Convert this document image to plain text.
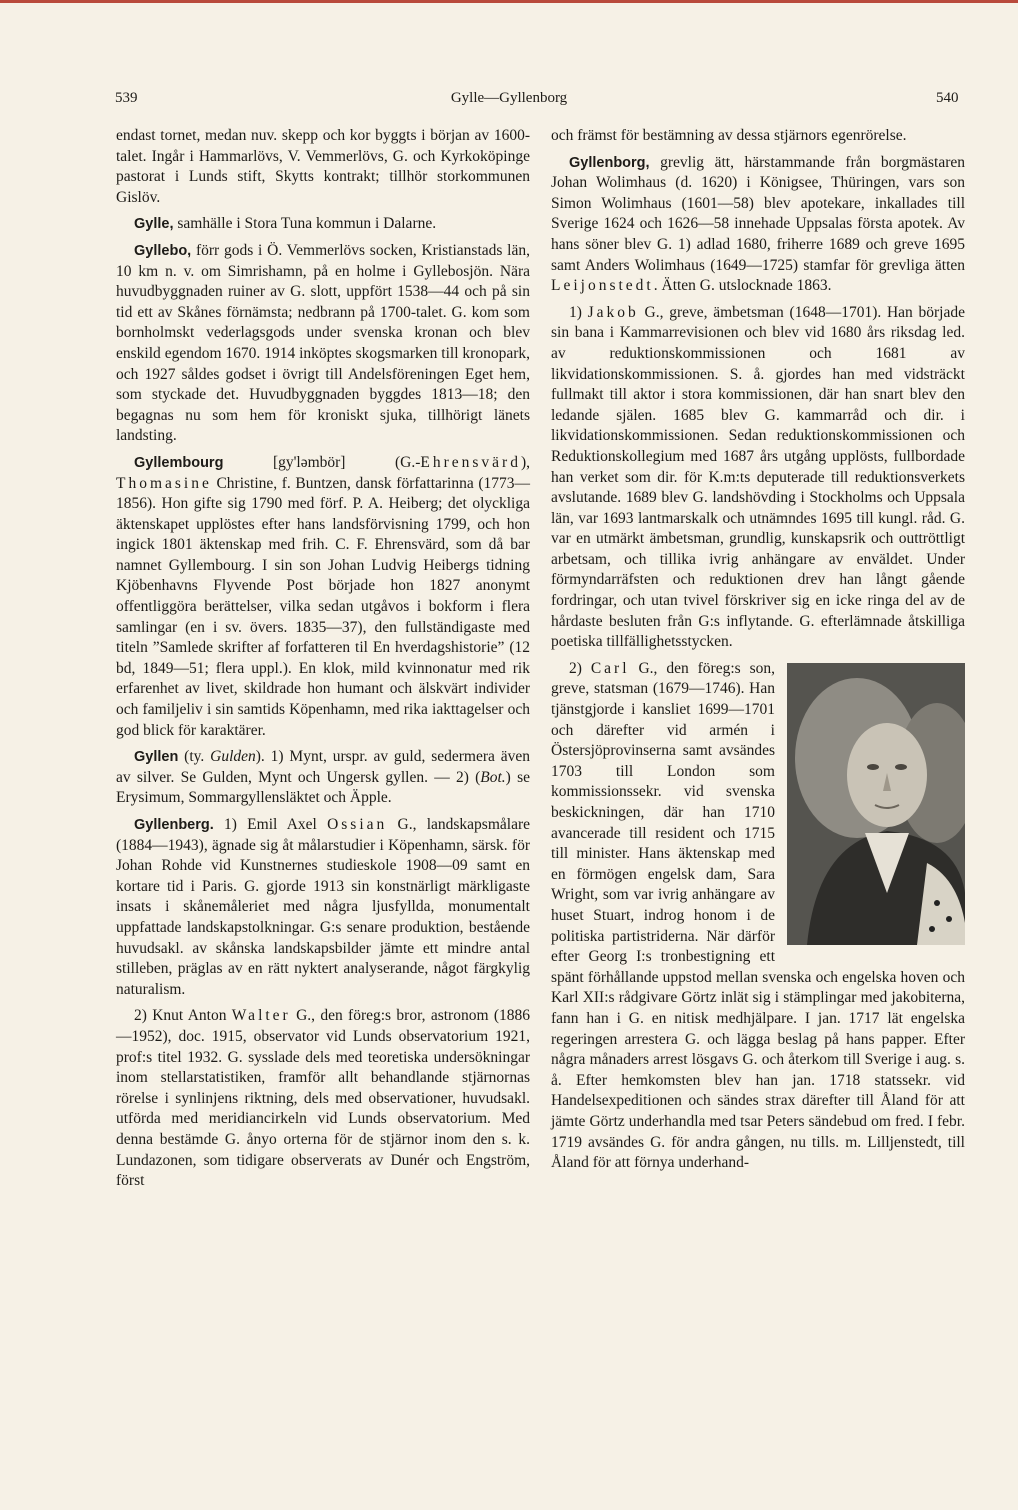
539	Gylle—Gyllenborg	540

endast tornet, medan nuv. skepp och kor byggts i början av 1600-talet. Ingår i Hammarlövs, V. Vemmerlövs, G. och Kyrkoköpinge pastorat i Lunds stift, Skytts kontrakt; tillhör storkommunen Gislöv.

Gylle, samhälle i Stora Tuna kommun i Dalarne.

Gyllebo, förr gods i Ö. Vemmerlövs socken, Kristianstads län, 10 km n. v. om Simrishamn, på en holme i Gyllebosjön. Nära huvudbyggnaden ruiner av G. slott, uppfört 1538—44 och på sin tid ett av Skånes förnämsta; nedbrann på 1700-talet. G. kom som bornholmskt vederlagsgods under svenska kronan och blev enskild egendom 1670. 1914 inköptes skogsmarken till kronopark, och 1927 såldes godset i övrigt till Andelsföreningen Eget hem, som styckade det. Huvudbyggnaden byggdes 1813—18; den begagnas nu som hem för kroniskt sjuka, tillhörigt länets landsting.

Gyllembourg [gy'lәmbör] (G.-Ehrensvärd), Thomasine Christine, f. Buntzen, dansk författarinna (1773—1856). Hon gifte sig 1790 med förf. P. A. Heiberg; det olyckliga äktenskapet upplöstes efter hans landsförvisning 1799, och hon ingick 1801 äktenskap med frih. C. F. Ehrensvärd, som då bar namnet Gyllembourg. I sin son Johan Ludvig Heibergs tidning Kjöbenhavns Flyvende Post började hon 1827 anonymt offentliggöra berättelser, vilka sedan utgåvos i bokform i flera samlingar (en i sv. övers. 1835—37), den fullständigaste med titeln ”Samlede skrifter af forfatteren til En hverdagshistorie” (12 bd, 1849—51; flera uppl.). En klok, mild kvinnonatur med rik erfarenhet av livet, skildrade hon humant och älskvärt individer och familjeliv i sin samtids Köpenhamn, med rika iakttagelser och god blick för karaktärer.

Gyllen (ty. Gulden). 1) Mynt, urspr. av guld, sedermera även av silver. Se Gulden, Mynt och Ungersk gyllen. — 2) (Bot.) se Erysimum, Sommargyllensläktet och Äpple.

Gyllenberg. 1) Emil Axel Ossian G., landskapsmålare (1884—1943), ägnade sig åt målarstudier i Köpenhamn, särsk. för Johan Rohde vid Kunstnernes studieskole 1908—09 samt en kortare tid i Paris. G. gjorde 1913 sin konstnärligt märkligaste insats i skånemåleriet med några ljusfyllda, monumentalt uppfattade landskapstolkningar. G:s senare produktion, bestående huvudsakl. av skånska landskapsbilder jämte ett mindre antal stilleben, präglas av en rätt nyktert analyserande, något färgkylig naturalism.

2) Knut Anton Walter G., den föreg:s bror, astronom (1886—1952), doc. 1915, observator vid Lunds observatorium 1921, prof:s titel 1932. G. sysslade dels med teoretiska undersökningar inom stellarstatistiken, framför allt behandlande stjärnornas rörelse i synlinjens riktning, dels med observationer, huvudsakl. utförda med meridiancirkeln vid Lunds observatorium. Med denna bestämde G. ånyo orterna för de stjärnor inom den s. k. Lundazonen, som tidigare observerats av Dunér och Engström, först

och främst för bestämning av dessa stjärnors egenrörelse.

Gyllenborg, grevlig ätt, härstammande från borgmästaren Johan Wolimhaus (d. 1620) i Königsee, Thüringen, vars son Simon Wolimhaus (1601—58) blev apotekare, inkallades till Sverige 1624 och 1626—58 innehade Uppsalas första apotek. Av hans söner blev G. 1) adlad 1680, friherre 1689 och greve 1695 samt Anders Wolimhaus (1649—1725) stamfar för grevliga ätten Leijonstedt. Ätten G. utslocknade 1863.

1) Jakob G., greve, ämbetsman (1648—1701). Han började sin bana i Kammarrevisionen och blev vid 1680 års riksdag led. av reduktionskommissionen och 1681 av likvidationskommissionen. S. å. gjordes han med vidsträckt fullmakt till aktor i stora kommissionen, där han snart blev den ledande själen. 1685 blev G. kammarråd och dir. i likvidationskommissionen. Sedan reduktionskommissionen och Reduktionskollegium med 1687 års utgång upplösts, fullbordade han verket som dir. för K.m:ts deputerade till reduktionsverkets avslutande. 1689 blev G. landshövding i Stockholms och Uppsala län, var 1693 lantmarskalk och utnämndes 1695 till kungl. råd. G. var en utmärkt ämbetsman, grundlig, kunskapsrik och outtröttligt arbetsam, och tillika ivrig anhängare av enväldet. Under förmyndarräfsten och reduktionen drev han långt gående fordringar, och utan tvivel förskriver sig en icke ringa del av de hårdaste besluten från G:s inflytande. G. efterlämnade åtskilliga poetiska tillfällighetsstycken.

2) Carl G., den föreg:s son, greve, statsman (1679—1746). Han tjänstgjorde i kansliet 1699—1701 och därefter vid armén i Östersjöprovinserna samt avsändes 1703 till London som kommissionssekr. vid svenska beskickningen, där han 1710 avancerade till resident och 1715 till minister. Hans äktenskap med en förmögen engelsk dam, Sara Wright, som var ivrig anhängare av huset Stuart, indrog honom i de politiska partistriderna. När därför efter Georg I:s tronbestigning ett spänt förhållande uppstod mellan svenska och engelska hoven och Karl XII:s rådgivare Görtz inlät sig i stämplingar med jakobiterna, fann han i G. en nitisk medhjälpare. I jan. 1717 lät engelska regeringen arrestera G. och lägga beslag på hans papper. Efter några månaders arrest lösgavs G. och återkom till Sverige i aug. s. å. Efter hemkomsten blev han jan. 1718 statssekr. vid Handelsexpeditionen och sändes strax därefter till Åland för att jämte Görtz underhandla med tsar Peters sändebud om fred. I febr. 1719 avsändes G. för andra gången, nu tills. m. Lilljenstedt, till Åland för att förnya underhand-
